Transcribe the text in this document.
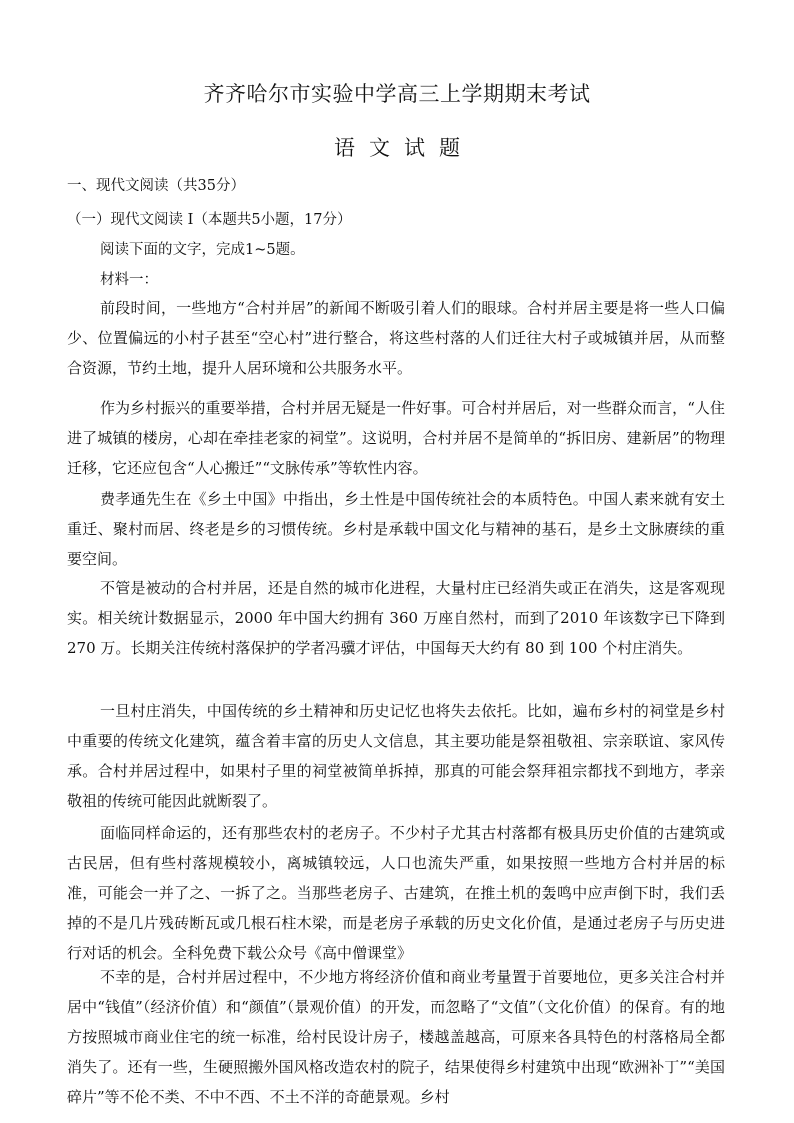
齐齐哈尔市实验中学高三上学期期末考试
语文试题
一、现代文阅读（共35分）
（一）现代文阅读 Ⅰ（本题共5小题，17分）
阅读下面的文字，完成1~5题。
材料一：
前段时间，一些地方“合村并居”的新闻不断吸引着人们的眼球。合村并居主要是将一些人口偏少、位置偏远的小村子甚至“空心村”进行整合，将这些村落的人们迁往大村子或城镇并居，从而整合资源，节约土地，提升人居环境和公共服务水平。
作为乡村振兴的重要举措，合村并居无疑是一件好事。可合村并居后，对一些群众而言，“人住进了城镇的楼房，心却在牵挂老家的祠堂”。这说明，合村并居不是简单的“拆旧房、建新居”的物理迁移，它还应包含“人心搬迁”“文脉传承”等软性内容。
费孝通先生在《乡土中国》中指出，乡土性是中国传统社会的本质特色。中国人素来就有安土重迁、聚村而居、终老是乡的习惯传统。乡村是承载中国文化与精神的基石，是乡土文脉赓续的重要空间。
不管是被动的合村并居，还是自然的城市化进程，大量村庄已经消失或正在消失，这是客观现实。相关统计数据显示，2000 年中国大约拥有 360 万座自然村，而到了2010 年该数字已下降到 270 万。长期关注传统村落保护的学者冯骥才评估，中国每天大约有 80 到 100 个村庄消失。
一旦村庄消失，中国传统的乡土精神和历史记忆也将失去依托。比如，遍布乡村的祠堂是乡村中重要的传统文化建筑，蕴含着丰富的历史人文信息，其主要功能是祭祖敬祖、宗亲联谊、家风传承。合村并居过程中，如果村子里的祠堂被简单拆掉，那真的可能会祭拜祖宗都找不到地方，孝亲敬祖的传统可能因此就断裂了。
面临同样命运的，还有那些农村的老房子。不少村子尤其古村落都有极具历史价值的古建筑或古民居，但有些村落规模较小，离城镇较远，人口也流失严重，如果按照一些地方合村并居的标准，可能会一并了之、一拆了之。当那些老房子、古建筑，在推土机的轰鸣中应声倒下时，我们丢掉的不是几片残砖断瓦或几根石柱木梁，而是老房子承载的历史文化价值，是通过老房子与历史进行对话的机会。全科免费下载公众号《高中僧课堂》
不幸的是，合村并居过程中，不少地方将经济价值和商业考量置于首要地位，更多关注合村并居中“钱值”（经济价值）和“颜值”（景观价值）的开发，而忽略了“文值”（文化价值）的保育。有的地方按照城市商业住宅的统一标准，给村民设计房子，楼越盖越高，可原来各具特色的村落格局全都消失了。还有一些，生硬照搬外国风格改造农村的院子，结果使得乡村建筑中出现“欧洲补丁”“美国碎片”等不伦不类、不中不西、不土不洋的奇葩景观。乡村
